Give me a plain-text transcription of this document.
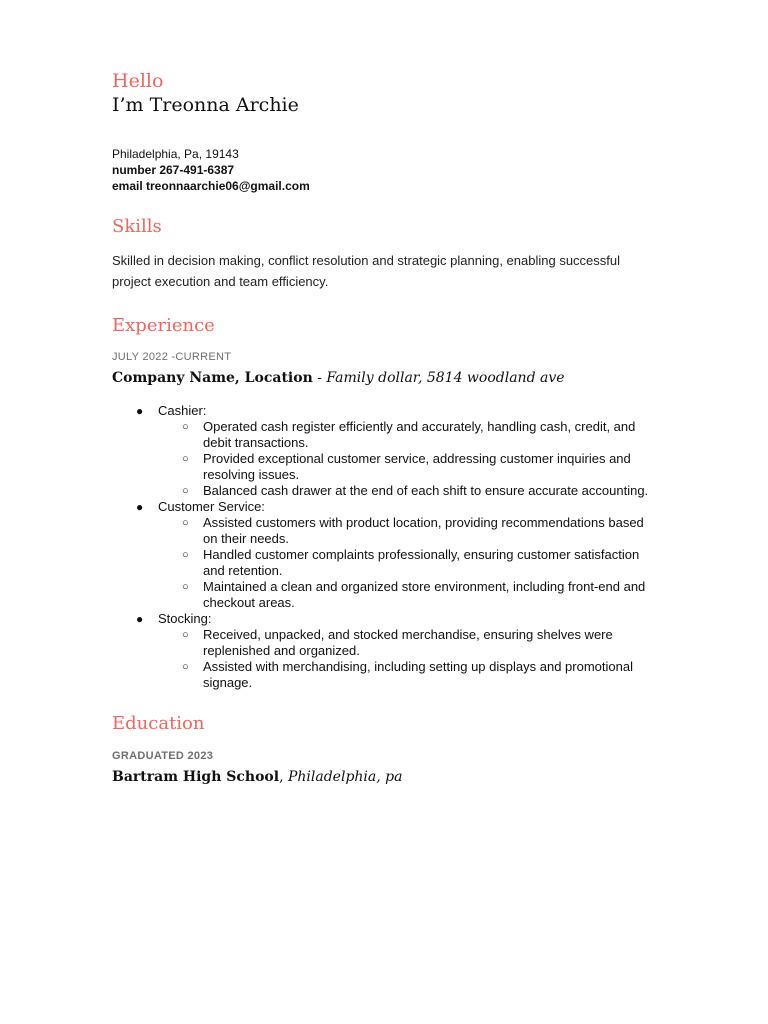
Hello
I’m Treonna Archie
Philadelphia, Pa, 19143
number 267-491-6387
email treonnaarchie06@gmail.com
Skills
Skilled in decision making, conflict resolution and strategic planning, enabling successful project execution and team efficiency.
Experience
JULY 2022 -CURRENT
Company Name, Location - Family dollar, 5814 woodland ave
● Cashier:
○ Operated cash register efficiently and accurately, handling cash, credit, and debit transactions.
○ Provided exceptional customer service, addressing customer inquiries and resolving issues.
○ Balanced cash drawer at the end of each shift to ensure accurate accounting.
● Customer Service:
○ Assisted customers with product location, providing recommendations based on their needs.
○ Handled customer complaints professionally, ensuring customer satisfaction and retention.
○ Maintained a clean and organized store environment, including front-end and checkout areas.
● Stocking:
○ Received, unpacked, and stocked merchandise, ensuring shelves were replenished and organized.
○ Assisted with merchandising, including setting up displays and promotional signage.
Education
GRADUATED 2023
Bartram High School, Philadelphia, pa
